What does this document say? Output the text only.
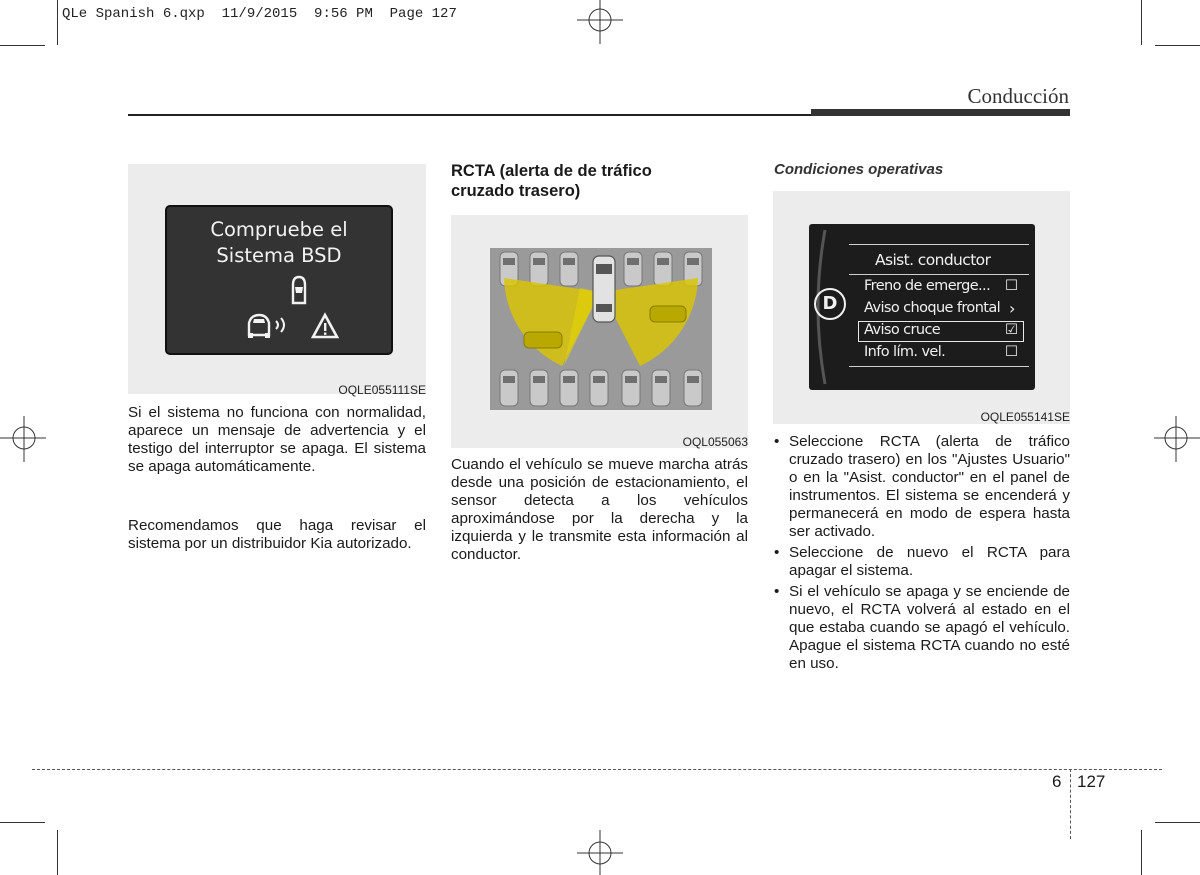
QLe Spanish 6.qxp  11/9/2015  9:56 PM  Page 127
Conducción
Compruebe el
Sistema BSD
OQLE055111SE
Si el sistema no funciona con normalidad, aparece un mensaje de advertencia y el testigo del interruptor se apaga. El sistema se apaga automáticamente.
Recomendamos que haga revisar el sistema por un distribuidor Kia autorizado.
RCTA (alerta de de tráfico
cruzado trasero)
OQL055063
Cuando el vehículo se mueve marcha atrás desde una posición de estacionamiento, el sensor detecta a los vehículos aproximándose por la derecha y la izquierda y le transmite esta información al conductor.
Condiciones operativas
D
Asist. conductor
Freno de emerge... ☐
Aviso choque frontal ›
Aviso cruce	☑
Info lím. vel.	☐
OQLE055141SE
• Seleccione RCTA (alerta de tráfico cruzado trasero) en los "Ajustes Usuario" o en la "Asist. conductor" en el panel de instrumentos. El sistema se encenderá y permanecerá en modo de espera hasta ser activado.
• Seleccione de nuevo el RCTA para apagar el sistema.
• Si el vehículo se apaga y se enciende de nuevo, el RCTA volverá al estado en el que estaba cuando se apagó el vehículo. Apague el sistema RCTA cuando no esté en uso.
6 127
